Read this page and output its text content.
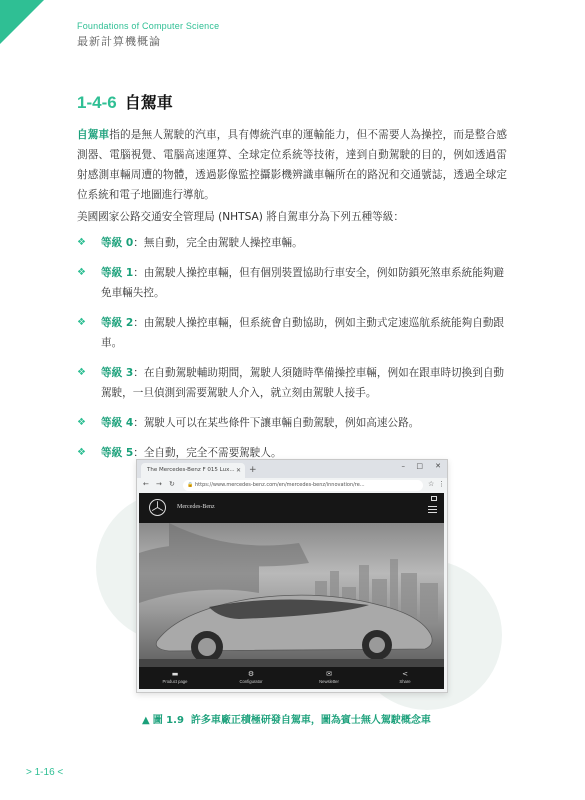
Foundations of Computer Science
最新計算機概論
1-4-6 自駕車
自駕車指的是無人駕駛的汽車，具有傳統汽車的運輸能力，但不需要人為操控，而是整合感測器、電腦視覺、電腦高速運算、全球定位系統等技術，達到自動駕駛的目的，例如透過雷射感測車輛周遭的物體，透過影像監控攝影機辨識車輛所在的路況和交通號誌，透過全球定位系統和電子地圖進行導航。
美國國家公路交通安全管理局 (NHTSA) 將自駕車分為下列五種等級：
❖ 等級 0：無自動，完全由駕駛人操控車輛。
❖ 等級 1：由駕駛人操控車輛，但有個別裝置協助行車安全，例如防鎖死煞車系統能夠避免車輛失控。
❖ 等級 2：由駕駛人操控車輛，但系統會自動協助，例如主動式定速巡航系統能夠自動跟車。
❖ 等級 3：在自動駕駛輔助期間，駕駛人須隨時準備操控車輛，例如在跟車時切換到自動駕駛，一旦偵測到需要駕駛人介入，就立刻由駕駛人接手。
❖ 等級 4：駕駛人可以在某些條件下讓車輛自動駕駛，例如高速公路。
❖ 等級 5：全自動，完全不需要駕駛人。
The Mercedes-Benz F 015 Lux... ✕ +	– □ ✕
← → ↻ 🔒 https://www.mercedes-benz.com/en/mercedes-benz/innovation/re...	☆ ⋮
Mercedes-Benz
▬
Product page
⚙
Configurator
✉
Newsletter
<
Share
▲ 圖 1.9 許多車廠正積極研發自駕車，圖為賓士無人駕駛概念車
> 1-16 <
